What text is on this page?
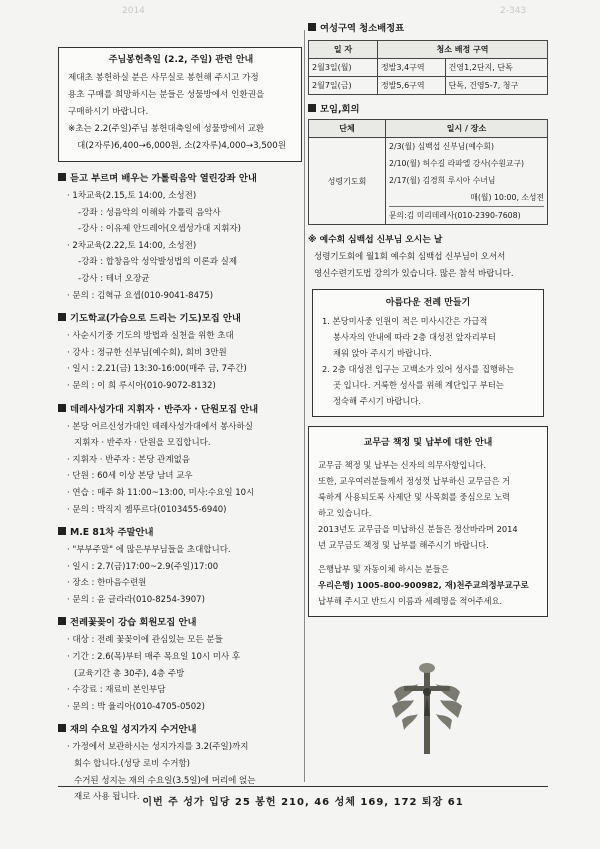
2014	2-343
주님봉헌축일 (2.2, 주일) 관련 안내

제대초 봉헌하실 분은 사무실로 봉헌해 주시고 가정

용초 구매를 희망하시는 분들은 성물방에서 인환권을

구매하시기 바랍니다.

※초는 2.2(주일)주님 봉헌대축일에 성물방에서 교환

대(2자루)6,400→6,000원, 소(2자루)4,000→3,500원

듣고 부르며 배우는 가톨릭음악 열린강좌 안내
· 1차교육(2.15,토 14:00, 소성전)
-강좌 : 성음악의 이해와 가톨릭 음악사
-강사 : 이유제 안드레아(오셉성가대 지휘자)
· 2차교육(2.22,토 14:00, 소성전)
-강좌 : 합창음악 성악발성법의 이론과 실제
-강사 : 테너 오장균
· 문의 : 김혁규 요셉(010-9041-8475)
기도학교(가슴으로 드리는 기도)모집 안내
· 사순시기중 기도의 방법과 실천을 위한 초대
· 강사 : 정규한 신부님(예수회), 회비 3만원
· 일시 : 2.21(금) 13:30-16:00(매주 금, 7주간)
· 문의 : 이 희 루시아(010-9072-8132)
데레사성가대 지휘자 · 반주자 · 단원모집 안내
· 본당 어르신성가대인 데레사성가대에서 봉사하실
지휘자 · 반주자 · 단원을 모집합니다.
· 지휘자 · 반주자 : 본당 관계없음
· 단원 : 60세 이상 본당 남녀 교우
· 연습 : 매주 화 11:00~13:00, 미사:수요일 10시
· 문의 : 박직지 젬뚜르다(0103455-6940)
M.E 81차 주말안내
· "부부주말" 에 많은부부님들을 초대합니다.
· 일시 : 2.7(금)17:00~2.9(주일)17:00
· 장소 : 한마음수련원
· 문의 : 윤 글라라(010-8254-3907)
전례꽃꽂이 강습 회원모집 안내
· 대상 : 전례 꽃꽂이에 관심있는 모든 분들
· 기간 : 2.6(목)부터 매주 목요일 10시 미사 후
(교육기간 총 30주), 4층 주방
· 수강료 : 재료비 본인부담
· 문의 : 박 율리아(010-4705-0502)
재의 수요일 성지가지 수거안내
· 가정에서 보관하시는 성지가지를 3.2(주일)까지
회수 합니다.(성당 로비 수거함)
수거된 성지는 재의 수요일(3.5일)에 머리에 얹는
재로 사용 됩니다.
여성구역 청소배정표
일 자	청소 배정 구역	
2월3일(월)	정발3,4구역	건영1,2단지, 단독
2월7일(금)	정발5,6구역	단독, 건영5-7, 청구
모임,회의
단체	일시 / 장소
성령기도회	2/3(월) 심백섭 신부님(예수회)
2/10(월) 허수길 라파엘 강사(수원교구)
2/17(월) 김경희 루시아 수녀님
매(월) 10:00, 소성전
문의:김 미리데레사(010-2390-7608)
※ 예수회 심백섭 신부님 오시는 날
성령기도회에 월1회 예수회 심백섭 신부님이 오셔서
영신수련기도법 강의가 있습니다. 많은 참석 바랍니다.
아름다운 전례 만들기

1. 본당미사중 인원이 적은 미사시간은 가급적

봉사자의 안내에 따라 2층 대성전 앞자리부터

채워 앉아 주시기 바랍니다.

2. 2층 대성전 입구는 고백소가 있어 성사를 집행하는

곳 입니다. 거룩한 성사를 위해 계단입구 부터는

정숙해 주시기 바랍니다.

교무금 책정 및 납부에 대한 안내

교무금 책정 및 납부는 신자의 의무사항입니다.

또한, 교우여러분들께서 정성껏 납부하신 교무금은 거

룩하게 사용되도록 사제단 및 사목회를 중심으로 노력

하고 있습니다.

2013년도 교무금을 미납하신 분들은 정산바라며 2014

년 교무금도 책정 및 납부를 해주시기 바랍니다.

은행납부 및 자동이체 하시는 분들은

우리은행) 1005-800-900982, 재)천주교의정부교구로

납부해 주시고 반드시 이름과 세례명을 적어주세요.

이번 주 성가 입당 25 봉헌 210, 46 성체 169, 172 퇴장 61
